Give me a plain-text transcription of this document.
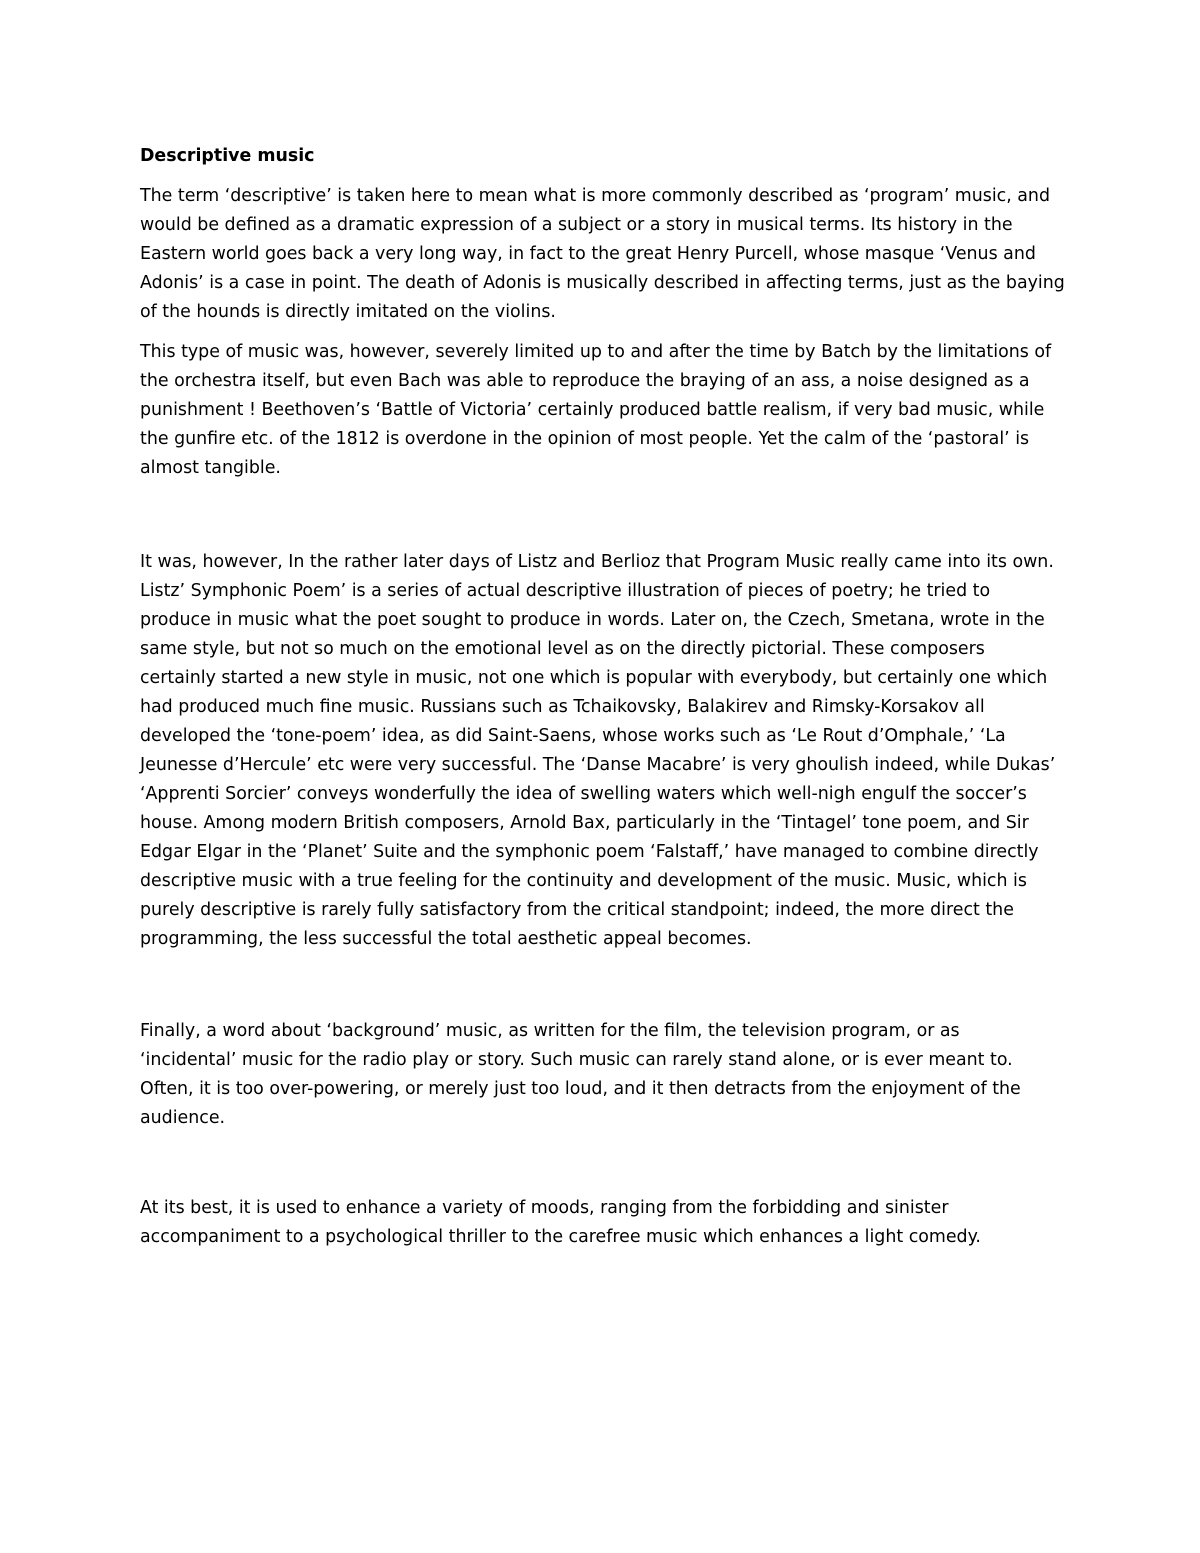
Descriptive music

The term ‘descriptive’ is taken here to mean what is more commonly described as ‘program’ music, and
would be defined as a dramatic expression of a subject or a story in musical terms. Its history in the
Eastern world goes back a very long way, in fact to the great Henry Purcell, whose masque ‘Venus and
Adonis’ is a case in point. The death of Adonis is musically described in affecting terms, just as the baying
of the hounds is directly imitated on the violins.

This type of music was, however, severely limited up to and after the time by Batch by the limitations of
the orchestra itself, but even Bach was able to reproduce the braying of an ass, a noise designed as a
punishment ! Beethoven’s ‘Battle of Victoria’ certainly produced battle realism, if very bad music, while
the gunfire etc. of the 1812 is overdone in the opinion of most people. Yet the calm of the ‘pastoral’ is
almost tangible.

It was, however, In the rather later days of Listz and Berlioz that Program Music really came into its own.
Listz’ Symphonic Poem’ is a series of actual descriptive illustration of pieces of poetry; he tried to
produce in music what the poet sought to produce in words. Later on, the Czech, Smetana, wrote in the
same style, but not so much on the emotional level as on the directly pictorial. These composers
certainly started a new style in music, not one which is popular with everybody, but certainly one which
had produced much fine music. Russians such as Tchaikovsky, Balakirev and Rimsky-Korsakov all
developed the ‘tone-poem’ idea, as did Saint-Saens, whose works such as ‘Le Rout d’Omphale,’ ‘La
Jeunesse d’Hercule’ etc were very successful. The ‘Danse Macabre’ is very ghoulish indeed, while Dukas’
‘Apprenti Sorcier’ conveys wonderfully the idea of swelling waters which well-nigh engulf the soccer’s
house. Among modern British composers, Arnold Bax, particularly in the ‘Tintagel’ tone poem, and Sir
Edgar Elgar in the ‘Planet’ Suite and the symphonic poem ‘Falstaff,’ have managed to combine directly
descriptive music with a true feeling for the continuity and development of the music. Music, which is
purely descriptive is rarely fully satisfactory from the critical standpoint; indeed, the more direct the
programming, the less successful the total aesthetic appeal becomes.

Finally, a word about ‘background’ music, as written for the film, the television program, or as
‘incidental’ music for the radio play or story. Such music can rarely stand alone, or is ever meant to.
Often, it is too over-powering, or merely just too loud, and it then detracts from the enjoyment of the
audience.

At its best, it is used to enhance a variety of moods, ranging from the forbidding and sinister
accompaniment to a psychological thriller to the carefree music which enhances a light comedy.
